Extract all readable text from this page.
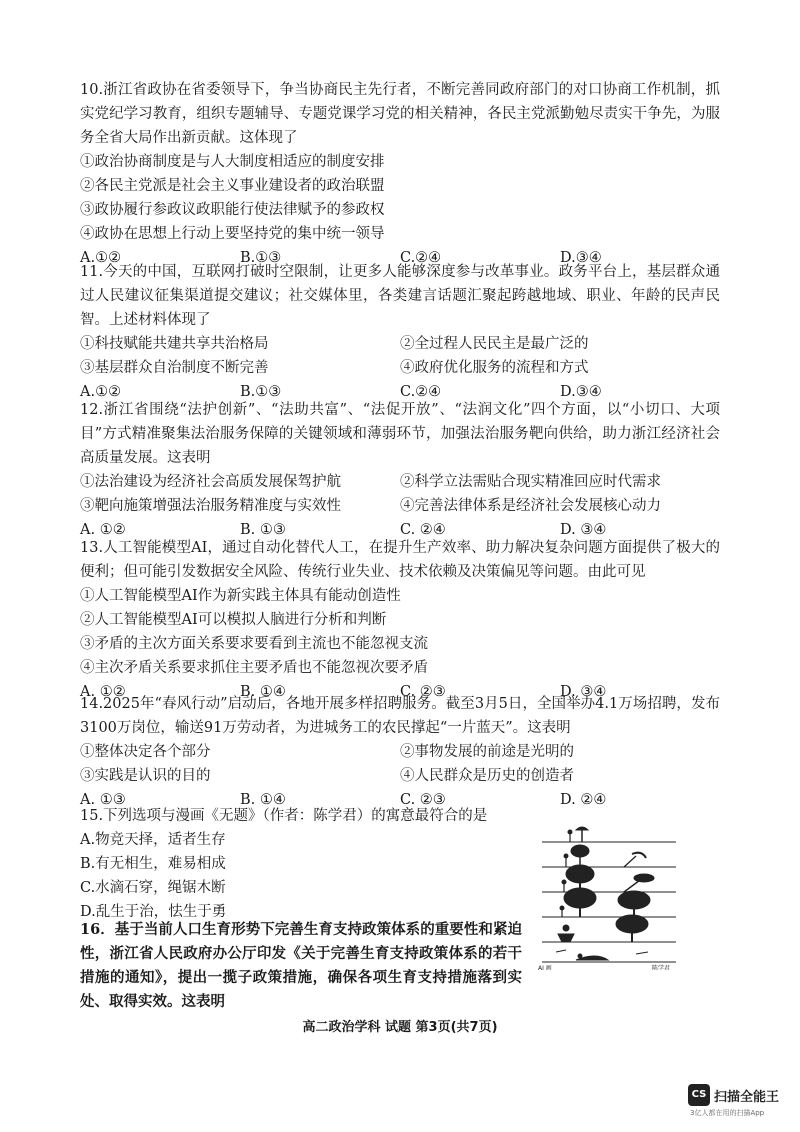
10.浙江省政协在省委领导下，争当协商民主先行者，不断完善同政府部门的对口协商工作机制，抓实党纪学习教育，组织专题辅导、专题党课学习党的相关精神，各民主党派勤勉尽责实干争先，为服务全省大局作出新贡献。这体现了

①政治协商制度是与人大制度相适应的制度安排

②各民主党派是社会主义事业建设者的政治联盟

③政协履行参政议政职能行使法律赋予的参政权

④政协在思想上行动上要坚持党的集中统一领导

A.①②	B.①③	C.②④	D.③④

11.今天的中国，互联网打破时空限制，让更多人能够深度参与改革事业。政务平台上，基层群众通过人民建议征集渠道提交建议；社交媒体里，各类建言话题汇聚起跨越地域、职业、年龄的民声民智。上述材料体现了

①科技赋能共建共享共治格局	②全过程人民民主是最广泛的
③基层群众自治制度不断完善	④政府优化服务的流程和方式
A.①②	B.①③	C.②④	D.③④

12.浙江省围绕“法护创新”、“法助共富”、“法促开放”、“法润文化”四个方面，以“小切口、大项目”方式精准聚集法治服务保障的关键领域和薄弱环节，加强法治服务靶向供给，助力浙江经济社会高质量发展。这表明

①法治建设为经济社会高质发展保驾护航	②科学立法需贴合现实精准回应时代需求
③靶向施策增强法治服务精准度与实效性	④完善法律体系是经济社会发展核心动力
A. ①②	B. ①③	C. ②④	D. ③④

13.人工智能模型AI，通过自动化替代人工，在提升生产效率、助力解决复杂问题方面提供了极大的便利；但可能引发数据安全风险、传统行业失业、技术依赖及决策偏见等问题。由此可见

①人工智能模型AI作为新实践主体具有能动创造性

②人工智能模型AI可以模拟人脑进行分析和判断

③矛盾的主次方面关系要求要看到主流也不能忽视支流

④主次矛盾关系要求抓住主要矛盾也不能忽视次要矛盾

A. ①②	B. ①④	C. ②③	D. ③④

14.2025年“春风行动”启动后，各地开展多样招聘服务。截至3月5日，全国举办4.1万场招聘，发布3100万岗位，输送91万劳动者，为进城务工的农民撑起“一片蓝天”。这表明

①整体决定各个部分	②事物发展的前途是光明的
③实践是认识的目的	④人民群众是历史的创造者
A. ①③	B. ①④	C. ②③	D. ②④

15.下列选项与漫画《无题》（作者：陈学君）的寓意最符合的是

A.物竞天择，适者生存

B.有无相生，难易相成

C.水滴石穿，绳锯木断

D.乱生于治，怯生于勇

AI 画	陈学君

16．基于当前人口生育形势下完善生育支持政策体系的重要性和紧迫性，浙江省人民政府办公厅印发《关于完善生育支持政策体系的若干措施的通知》，提出一揽子政策措施，确保各项生育支持措施落到实处、取得实效。这表明

高二政治学科 试题 第3页(共7页)
CS 扫描全能王
3亿人都在用的扫描App
